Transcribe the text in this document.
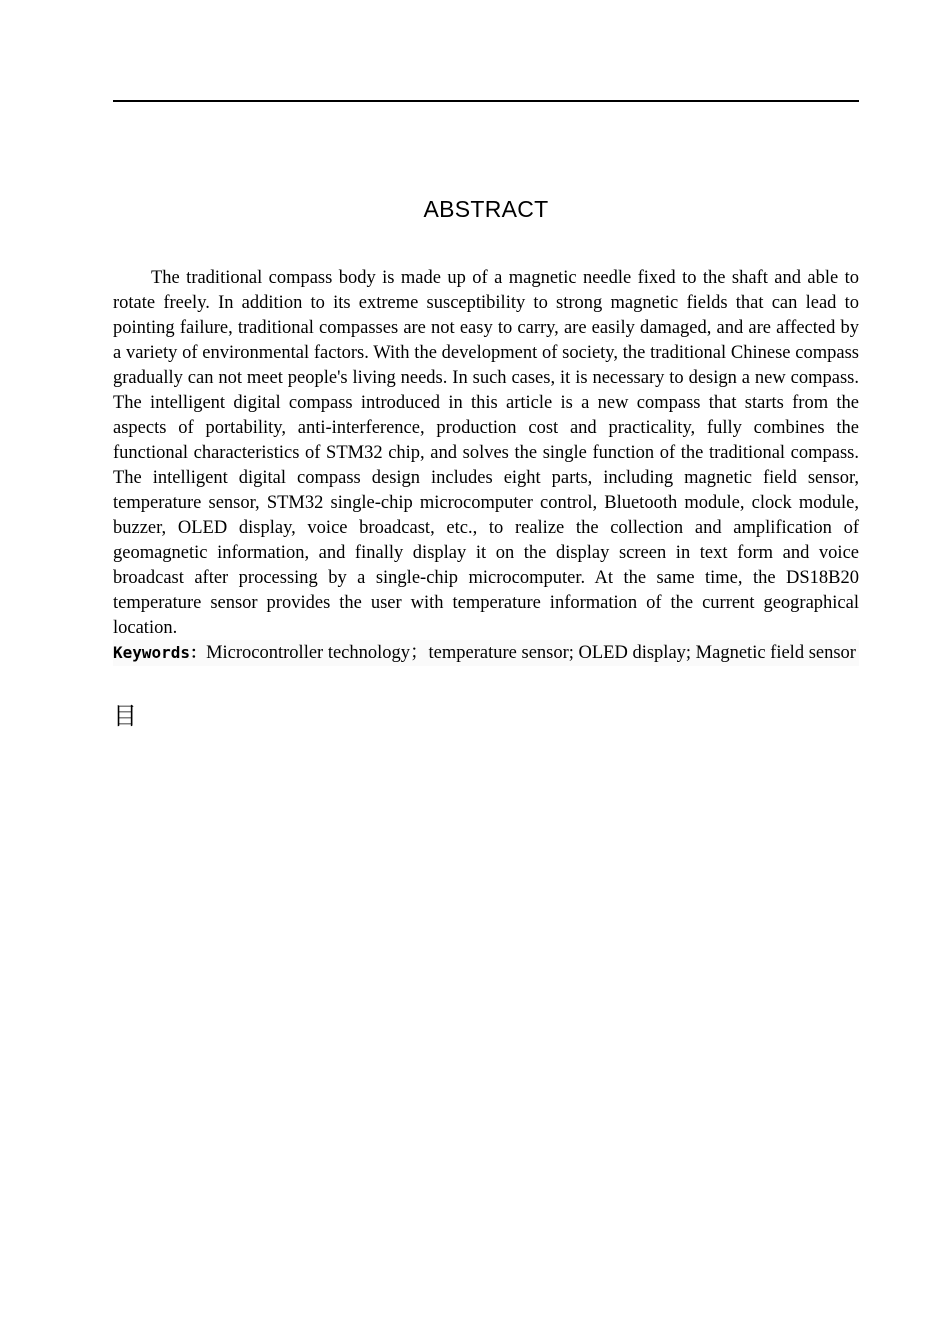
ABSTRACT

The traditional compass body is made up of a magnetic needle fixed to the shaft and able to rotate freely. In addition to its extreme susceptibility to strong magnetic fields that can lead to pointing failure, traditional compasses are not easy to carry, are easily damaged, and are affected by a variety of environmental factors. With the development of society, the traditional Chinese compass gradually can not meet people's living needs. In such cases, it is necessary to design a new compass. The intelligent digital compass introduced in this article is a new compass that starts from the aspects of portability, anti-interference, production cost and practicality, fully combines the functional characteristics of STM32 chip, and solves the single function of the traditional compass. The intelligent digital compass design includes eight parts, including magnetic field sensor, temperature sensor, STM32 single-chip microcomputer control, Bluetooth module, clock module, buzzer, OLED display, voice broadcast, etc., to realize the collection and amplification of geomagnetic information, and finally display it on the display screen in text form and voice broadcast after processing by a single-chip microcomputer. At the same time, the DS18B20 temperature sensor provides the user with temperature information of the current geographical location.

Keywords：Microcontroller technology；temperature sensor; OLED display; Magnetic field sensor
目
